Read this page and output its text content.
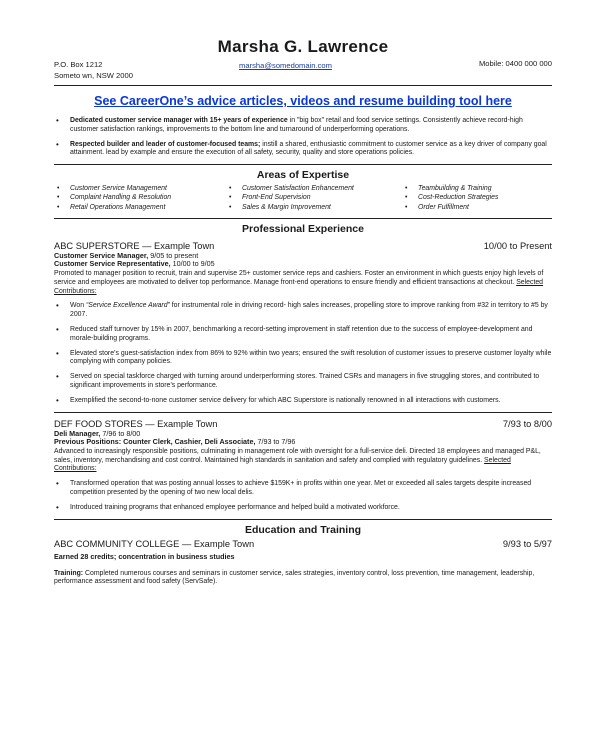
Marsha G. Lawrence
P.O. Box 1212
Someto wn, NSW 2000
marsha@somedomain.com	Mobile: 0400 000 000
See CareerOne’s advice articles, videos and resume building tool here
• Dedicated customer service manager with 15+ years of experience in "big box" retail and food service settings. Consistently achieve record-high customer satisfaction rankings, improvements to the bottom line and turnaround of underperforming operations.
• Respected builder and leader of customer-focused teams; instill a shared, enthusiastic commitment to customer service as a key driver of company goal attainment. lead by example and ensure the execution of all safety, security, quality and store operations policies.
Areas of Expertise
• Customer Service Management	• Customer Satisfaction Enhancement	• Teambuilding & Training
• Complaint Handling & Resolution	• Front-End Supervision	• Cost-Reduction Strategies
• Retail Operations Management	• Sales & Margin Improvement	• Order Fulfillment
Professional Experience
ABC SUPERSTORE — Example Town	10/00 to Present
Customer Service Manager, 9/05 to present
Customer Service Representative, 10/00 to 9/05
Promoted to manager position to recruit, train and supervise 25+ customer service reps and cashiers. Foster an environment in which guests enjoy high levels of service and employees are motivated to deliver top performance. Manage front-end operations to ensure friendly and efficient transactions at checkout. Selected Contributions:
• Won “Service Excellence Award” for instrumental role in driving record- high sales increases, propelling store to improve ranking from #32 in territory to #5 by 2007.
• Reduced staff turnover by 15% in 2007, benchmarking a record-setting improvement in staff retention due to the success of employee-development and morale-building programs.
• Elevated store’s guest-satisfaction index from 86% to 92% within two years; ensured the swift resolution of customer issues to preserve customer loyalty while complying with company policies.
• Served on special taskforce charged with turning around underperforming stores. Trained CSRs and managers in five struggling stores, and contributed to significant improvements in store’s performance.
• Exemplified the second-to-none customer service delivery for which ABC Superstore is nationally renowned in all interactions with customers.
DEF FOOD STORES — Example Town	7/93 to 8/00
Deli Manager, 7/96 to 8/00
Previous Positions: Counter Clerk, Cashier, Deli Associate, 7/93 to 7/96
Advanced to increasingly responsible positions, culminating in management role with oversight for a full-service deli. Directed 18 employees and managed P&L, sales, inventory, merchandising and cost control. Maintained high standards in sanitation and safety and complied with regulatory guidelines. Selected Contributions:
• Transformed operation that was posting annual losses to achieve $159K+ in profits within one year. Met or exceeded all sales targets despite increased competition presented by the opening of two new local delis.
• Introduced training programs that enhanced employee performance and helped build a motivated workforce.
Education and Training
ABC COMMUNITY COLLEGE — Example Town	9/93 to 5/97
Earned 28 credits; concentration in business studies
Training: Completed numerous courses and seminars in customer service, sales strategies, inventory control, loss prevention, time management, leadership, performance assessment and food safety (ServSafe).
